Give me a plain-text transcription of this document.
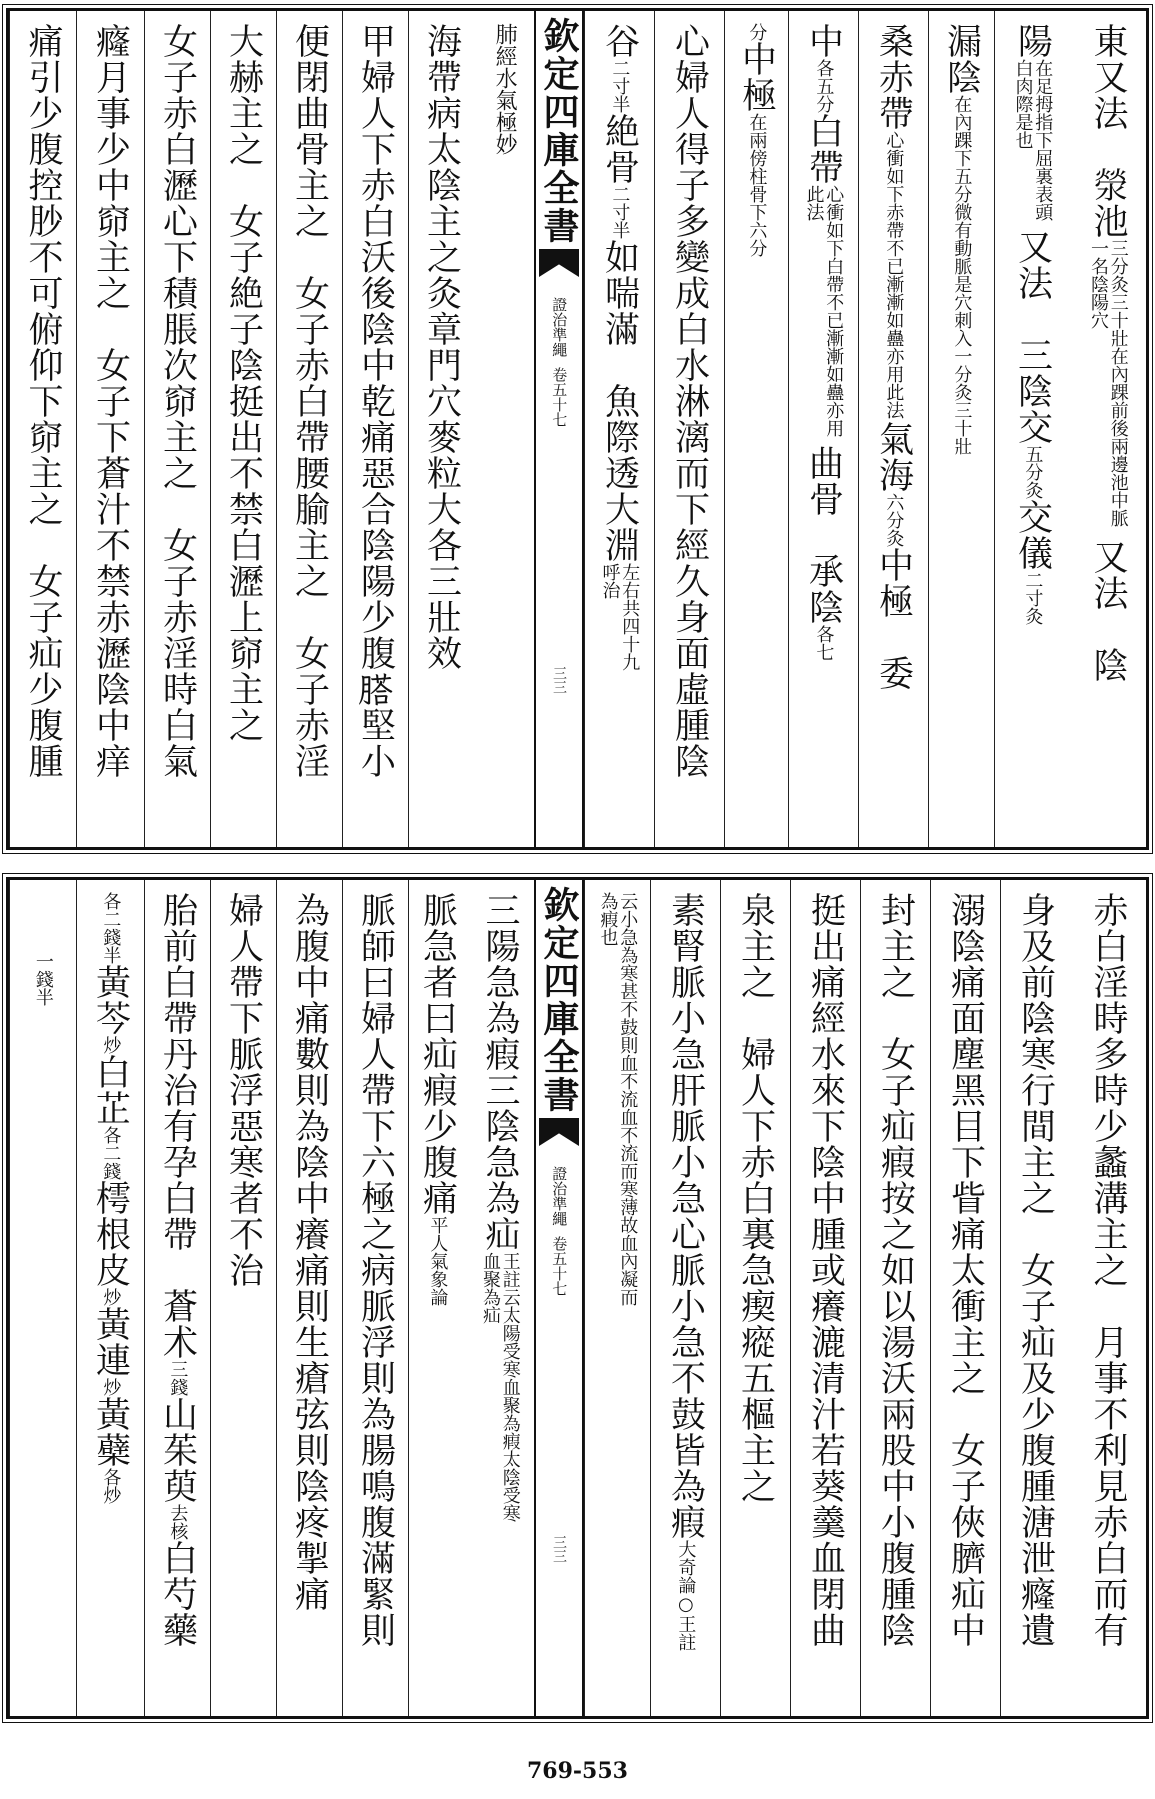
東又法　滎池
三分灸三十壯在內踝前後兩邊池中脈一名陰陽穴
又法　陰
陽
在足拇指下屈裏表頭白肉際是也
又法　三陰交
五分灸
交儀
二寸灸
漏陰
在內踝下五分微有動脈是穴刺入一分灸三十壯
桑赤帶
心衝如下赤帶不已漸漸如蠱亦用此法
氣海
六分灸
中極　委
中
各五分
白帶
心衝如下白帶不已漸漸如蠱亦用此法
曲骨　承陰
各七
分
中極
在兩傍柱骨下六分
心婦人得子多變成白水淋漓而下經久身面虛腫陰
谷
二寸半
絶骨
二寸半
如喘滿　魚際透大淵
左右共四十九呼治
欽定四庫全書
證治準繩
卷五十七
三三
肺經水氣極妙
海帶病太陰主之灸章門穴麥粒大各三壯效
甲婦人下赤白沃後陰中乾痛惡合陰陽少腹𦞂堅小
便閉曲骨主之　女子赤白帶腰腧主之　女子赤淫
大赫主之　女子絶子陰挺出不禁白瀝上窌主之
女子赤白瀝心下積脹次窌主之　女子赤淫時白氣
癃月事少中窌主之　女子下蒼汁不禁赤瀝陰中痒
痛引少腹控䏚不可俯仰下窌主之　女子疝少腹腫
赤白淫時多時少蠡溝主之　月事不利見赤白而有
身及前陰寒行間主之　女子疝及少腹腫溏泄癃遺
溺陰痛面塵黑目下眥痛太衝主之　女子俠臍疝中
封主之　女子疝瘕按之如以湯沃兩股中小腹腫陰
挺出痛經水來下陰中腫或癢漉清汁若葵羹血閉曲
泉主之　婦人下赤白裏急瘈瘲五樞主之
素腎脈小急肝脈小急心脈小急不鼓皆為瘕
大奇論○王註
云小急為寒甚不鼓則血不流血不流而寒薄故血內凝而為瘕也
欽定四庫全書
證治準繩
卷五十七
三三
三陽急為瘕三陰急為疝
王註云太陽受寒血聚為瘕太陰受寒血聚為疝
脈急者曰疝瘕少腹痛
平人氣象論
脈師曰婦人帶下六極之病脈浮則為腸鳴腹滿緊則
為腹中痛數則為陰中癢痛則生瘡弦則陰疼掣痛
婦人帶下脈浮惡寒者不治
胎前白帶丹治有孕白帶　蒼术
三錢
山茱萸
去核
白芍藥
各二錢半
黃芩
炒
白芷
各二錢
樗根皮
炒
黃連
炒
黃蘗
各炒
一錢半
769-553
